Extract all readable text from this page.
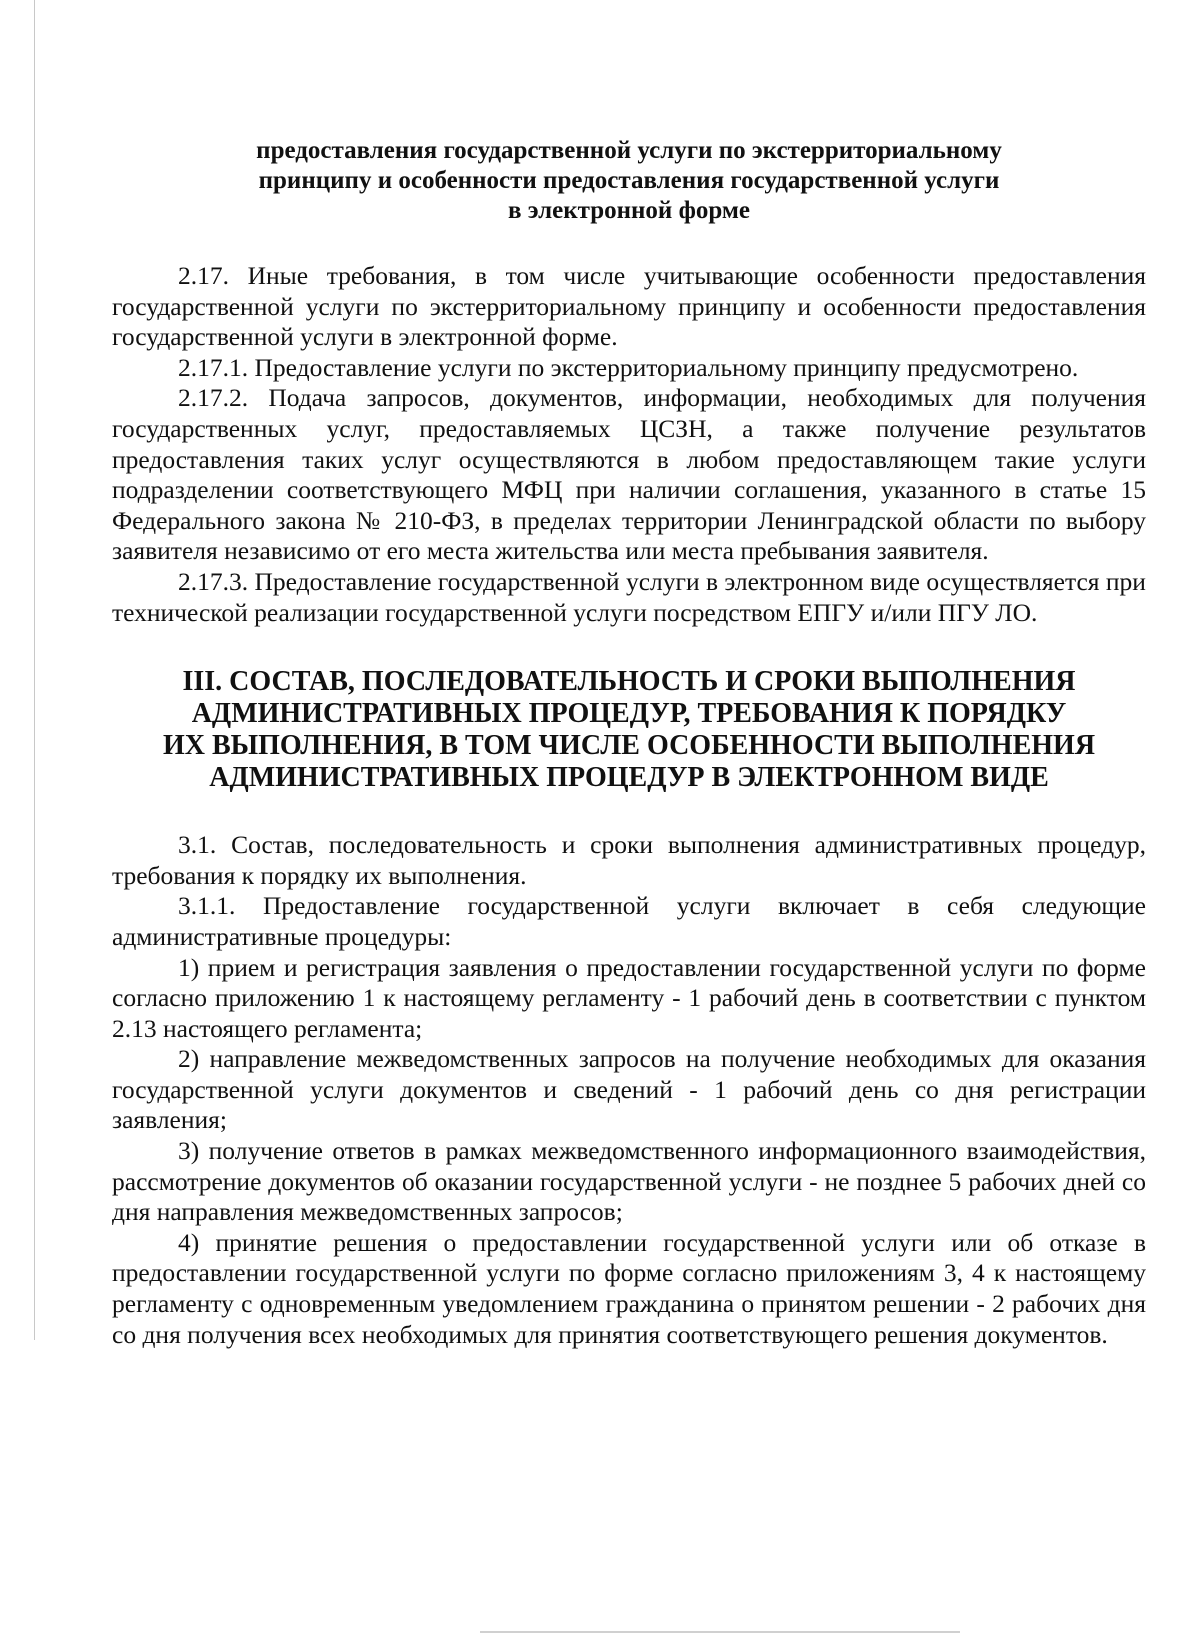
предоставления государственной услуги по экстерриториальному
принципу и особенности предоставления государственной услуги
в электронной форме

2.17. Иные требования, в том числе учитывающие особенности предоставления государственной услуги по экстерриториальному принципу и особенности предоставления государственной услуги в электронной форме.

2.17.1. Предоставление услуги по экстерриториальному принципу предусмотрено.

2.17.2. Подача запросов, документов, информации, необходимых для получения государственных услуг, предоставляемых ЦСЗН, а также получение результатов предоставления таких услуг осуществляются в любом предоставляющем такие услуги подразделении соответствующего МФЦ при наличии соглашения, указанного в статье 15 Федерального закона № 210-ФЗ, в пределах территории Ленинградской области по выбору заявителя независимо от его места жительства или места пребывания заявителя.

2.17.3. Предоставление государственной услуги в электронном виде осуществляется при технической реализации государственной услуги посредством ЕПГУ и/или ПГУ ЛО.

III. СОСТАВ, ПОСЛЕДОВАТЕЛЬНОСТЬ И СРОКИ ВЫПОЛНЕНИЯ
АДМИНИСТРАТИВНЫХ ПРОЦЕДУР, ТРЕБОВАНИЯ К ПОРЯДКУ
ИХ ВЫПОЛНЕНИЯ, В ТОМ ЧИСЛЕ ОСОБЕННОСТИ ВЫПОЛНЕНИЯ
АДМИНИСТРАТИВНЫХ ПРОЦЕДУР В ЭЛЕКТРОННОМ ВИДЕ

3.1. Состав, последовательность и сроки выполнения административных процедур, требования к порядку их выполнения.

3.1.1. Предоставление государственной услуги включает в себя следующие административные процедуры:

1) прием и регистрация заявления о предоставлении государственной услуги по форме согласно приложению 1 к настоящему регламенту - 1 рабочий день в соответствии с пунктом 2.13 настоящего регламента;

2) направление межведомственных запросов на получение необходимых для оказания государственной услуги документов и сведений - 1 рабочий день со дня регистрации заявления;

3) получение ответов в рамках межведомственного информационного взаимодействия, рассмотрение документов об оказании государственной услуги - не позднее 5 рабочих дней со дня направления межведомственных запросов;

4) принятие решения о предоставлении государственной услуги или об отказе в предоставлении государственной услуги по форме согласно приложениям 3, 4 к настоящему регламенту с одновременным уведомлением гражданина о принятом решении - 2 рабочих дня со дня получения всех необходимых для принятия соответствующего решения документов.
